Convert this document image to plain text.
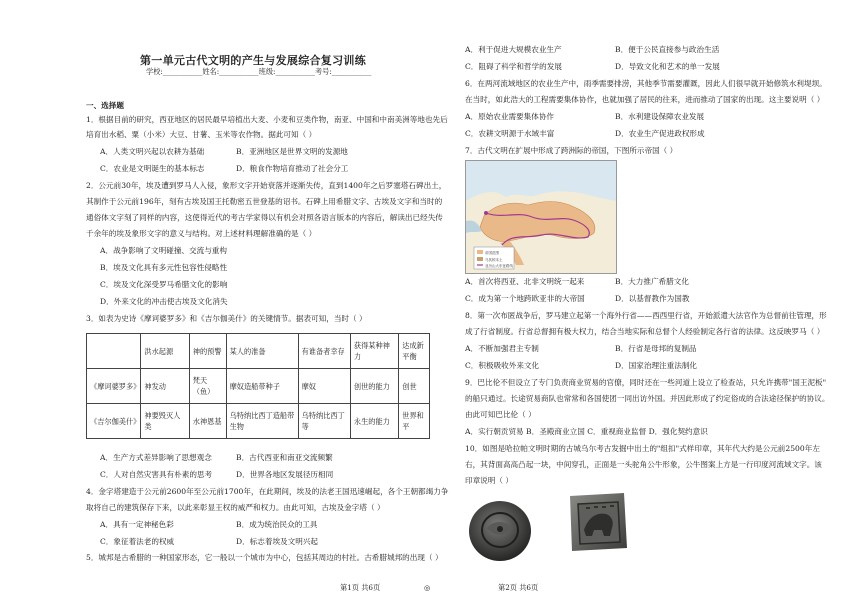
第一单元古代文明的产生与发展综合复习训练
学校:___________姓名:___________班级:___________考号:___________
一、选择题
1．根据目前的研究，西亚地区的居民最早培植出大麦、小麦和豆类作物，南亚、中国和中南美洲等地也先后
培育出水稻、粟（小米）大豆、甘薯、玉米等农作物。据此可知（ ）
A．人类文明兴起以农耕为基础	B．亚洲地区是世界文明的发源地
C．农业是文明诞生的基本标志	D．粮食作物培育推动了社会分工
2．公元前30年，埃及遭到罗马人入侵，象形文字开始衰落并逐渐失传，直到1400年之后罗塞塔石碑出土，
其制作于公元前196年，刻有古埃及国王托勒密五世登基的诏书。石碑上用希腊文字、古埃及文字和当时的
通俗体文字刻了同样的内容，这使得近代的考古学家得以有机会对照各语言版本的内容后，解读出已经失传
千余年的埃及象形文字的意义与结构。对上述材料理解准确的是（ ）
A．战争影响了文明碰撞、交流与重构
B．埃及文化具有多元性包容性侵略性
C．埃及文化深受罗马希腊文化的影响
D．外来文化的冲击使古埃及文化消失
3．如表为史诗《摩诃婆罗多》和《吉尔伽美什》的关键情节。据表可知，当时（ ）
	洪水起源	神的预警	某人的准备	有谁备者幸存	获得某种神力	达成新平衡
《摩诃婆罗多》	神发动	梵天（鱼）	摩奴造船带种子	摩奴	创世的能力	创世
《吉尔伽美什》	神要毁灭人类	水神恩基	乌特纳比西丁造船带生物	乌特纳比西丁等	永生的能力	世界和平
A．生产方式差异影响了思想观念	B．古代西亚和南亚交流频繁
C．人对自然灾害具有朴素的思考	D．世界各地区发展径历相同
4．金字塔建造于公元前2600年至公元前1700年，在此期间，埃及的法老王国迅速崛起，各个王朝都竭力争
取将自己的建筑保存下来，以此来彰显王权的威严和权力。由此可知，古埃及金字塔（ ）
A．具有一定神秘色彩	B．成为统治民众的工具
C．象征着法老的权威	D．标志着埃及文明兴起
5．城邦是古希腊的一种国家形态，它一般以一个城市为中心，包括其周边的村社。古希腊城邦的出现（ ）
第1页 共6页	◎
A．利于促进大规模农业生产	B．便于公民直接参与政治生活
C．阻碍了科学和哲学的发展	D．导致文化和艺术的单一发展
6．在两河流域地区的农业生产中，雨季需要排涝，其他季节需要灌溉，因此人们很早就开始修筑水利堤坝。
在当时，如此浩大的工程需要集体协作，也就加强了居民的往来，进而推动了国家的出现。这主要说明（ ）
A．原始农业需要集体协作	B．水利建设保障农业发展
C．农耕文明源于水域丰富	D．农业生产促进政权形成
7．古代文明在扩展中形成了跨洲际的帝国，下图所示帝国（ ）
帝国范围
马其顿本土
亚历山大东征路线
A．首次将西亚、北非文明统一起来	B．大力推广希腊文化
C．成为第一个地跨欧亚非的大帝国	D．以基督教作为国教
8．第一次布匿战争后，罗马建立起第一个海外行省——西西里行省，开始派遣大法官作为总督前往管理，形
成了行省制度。行省总督拥有极大权力，结合当地实际和总督个人经验制定各行省的法律。这反映罗马（ ）
A．不断加强君主专制	B．行省是母邦的复制品
C．积极吸收外来文化	D．国家治理注重法制化
9．巴比伦不但设立了专门负责商业贸易的官僚，同时还在一些河道上设立了检查站，只允许携带"国王泥板"
的船只通过。长途贸易商队也常常和各国使团一同出访外国。并因此形成了约定俗成的合法途径保护的协议。
由此可知巴比伦（ ）
A．实行朝贡贸易 B．圣殿商业立国 C．重视商业监督 D．强化契约意识
10．如图是哈拉帕文明时期的古城乌尔考古发掘中出土的"组扣"式样印章，其年代大约是公元前2500年左
右，其背面高高凸起一块，中间穿孔，正面是一头驼角公牛形象，公牛图案上方是一行印度河流域文字。该
印章说明（ ）
第2页 共6页
